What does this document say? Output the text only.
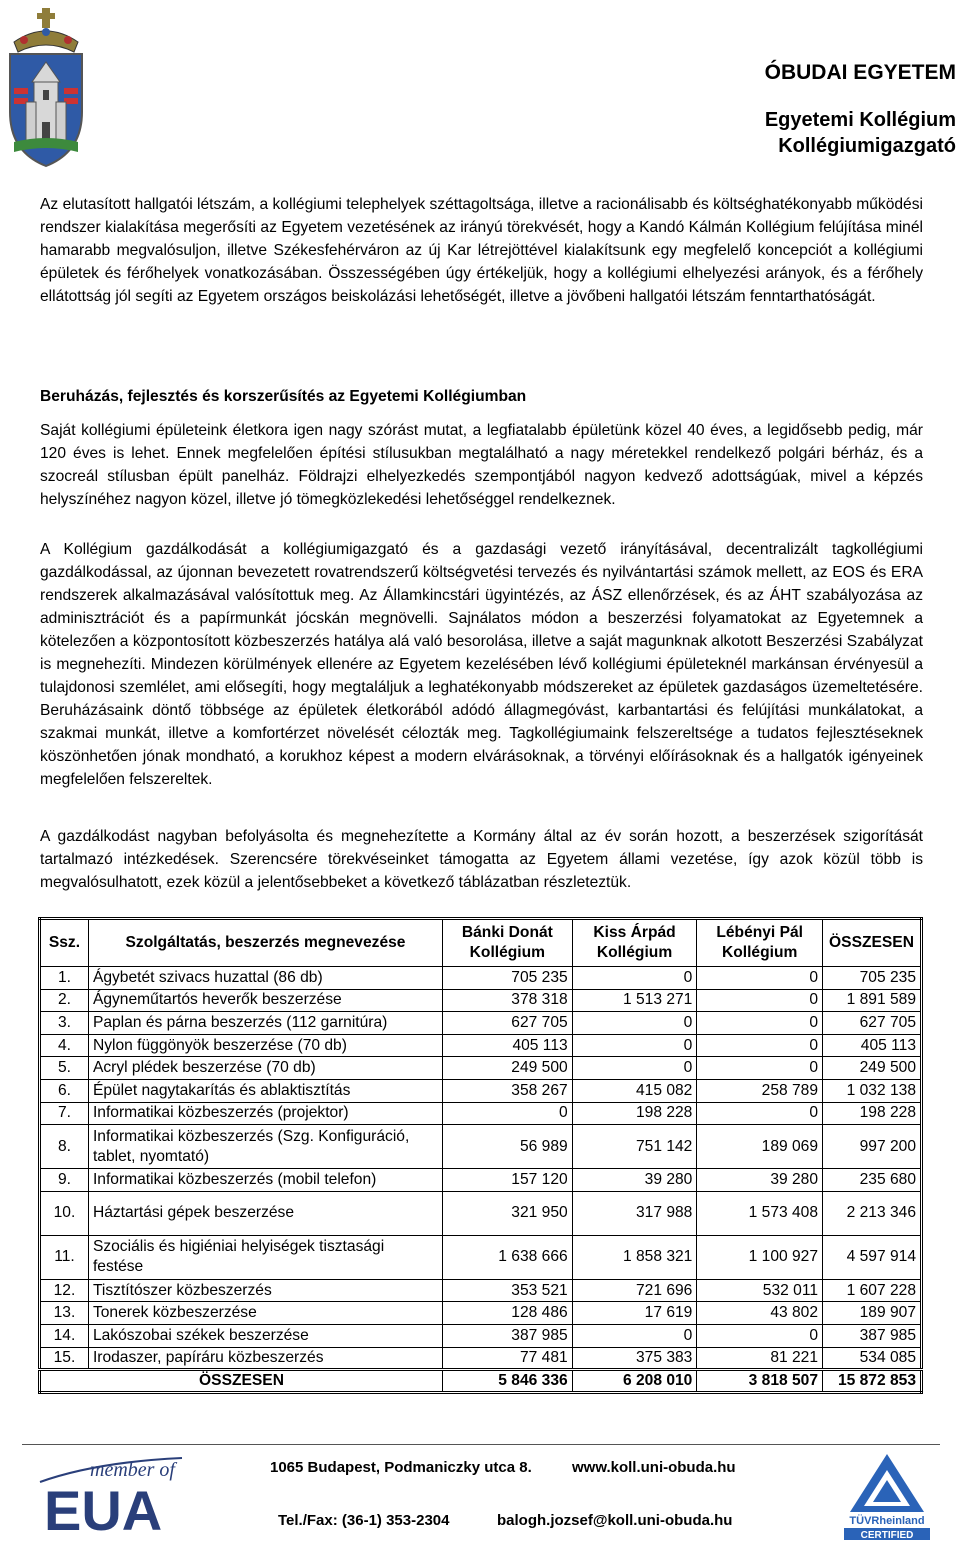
ÓBUDAI EGYETEM
Egyetemi Kollégium
Kollégiumigazgató

Az elutasított hallgatói létszám, a kollégiumi telephelyek széttagoltsága, illetve a racionálisabb és költséghatékonyabb működési rendszer kialakítása megerősíti az Egyetem vezetésének az irányú törekvését, hogy a Kandó Kálmán Kollégium felújítása minél hamarabb megvalósuljon, illetve Székesfehérváron az új Kar létrejöttével kialakítsunk egy megfelelő koncepciót a kollégiumi épületek és férőhelyek vonatkozásában. Összességében úgy értékeljük, hogy a kollégiumi elhelyezési arányok, és a férőhely ellátottság jól segíti az Egyetem országos beiskolázási lehetőségét, illetve a jövőbeni hallgatói létszám fenntarthatóságát.

Beruházás, fejlesztés és korszerűsítés az Egyetemi Kollégiumban

Saját kollégiumi épületeink életkora igen nagy szórást mutat, a legfiatalabb épületünk közel 40 éves, a legidősebb pedig, már 120 éves is lehet. Ennek megfelelően építési stílusukban megtalálható a nagy méretekkel rendelkező polgári bérház, és a szocreál stílusban épült panelház. Földrajzi elhelyezkedés szempontjából nagyon kedvező adottságúak, mivel a képzés helyszínéhez nagyon közel, illetve jó tömegközlekedési lehetőséggel rendelkeznek.

A Kollégium gazdálkodását a kollégiumigazgató és a gazdasági vezető irányításával, decentralizált tagkollégiumi gazdálkodással, az újonnan bevezetett rovatrendszerű költségvetési tervezés és nyilvántartási számok mellett, az EOS és ERA rendszerek alkalmazásával valósítottuk meg. Az Államkincstári ügyintézés, az ÁSZ ellenőrzések, és az ÁHT szabályozása az adminisztrációt és a papírmunkát jócskán megnövelli. Sajnálatos módon a beszerzési folyamatokat az Egyetemnek a kötelezően a központosított közbeszerzés hatálya alá való besorolása, illetve a saját magunknak alkotott Beszerzési Szabályzat is megnehezíti. Mindezen körülmények ellenére az Egyetem kezelésében lévő kollégiumi épületeknél markánsan érvényesül a tulajdonosi szemlélet, ami elősegíti, hogy megtaláljuk a leghatékonyabb módszereket az épületek gazdaságos üzemeltetésére. Beruházásaink döntő többsége az épületek életkorából adódó állagmegóvást, karbantartási és felújítási munkálatokat, a szakmai munkát, illetve a komfortérzet növelését célozták meg. Tagkollégiumaink felszereltsége a tudatos fejlesztéseknek köszönhetően jónak mondható, a korukhoz képest a modern elvárásoknak, a törvényi előírásoknak és a hallgatók igényeinek megfelelően felszereltek.

A gazdálkodást nagyban befolyásolta és megnehezítette a Kormány által az év során hozott, a beszerzések szigorítását tartalmazó intézkedések. Szerencsére törekvéseinket támogatta az Egyetem állami vezetése, így azok közül több is megvalósulhatott, ezek közül a jelentősebbeket a következő táblázatban részleteztük.

Ssz.	Szolgáltatás, beszerzés megnevezése	Bánki Donát Kollégium	Kiss Árpád Kollégium	Lébényi Pál Kollégium	ÖSSZESEN
1.	Ágybetét szivacs huzattal (86 db)	705 235	0	0	705 235
2.	Ágyneműtartós heverők beszerzése	378 318	1 513 271	0	1 891 589
3.	Paplan és párna beszerzés (112 garnitúra)	627 705	0	0	627 705
4.	Nylon függönyök beszerzése (70 db)	405 113	0	0	405 113
5.	Acryl plédek beszerzése (70 db)	249 500	0	0	249 500
6.	Épület nagytakarítás és ablaktisztítás	358 267	415 082	258 789	1 032 138
7.	Informatikai közbeszerzés (projektor)	0	198 228	0	198 228
8.	Informatikai közbeszerzés (Szg. Konfiguráció, tablet, nyomtató)	56 989	751 142	189 069	997 200
9.	Informatikai közbeszerzés (mobil telefon)	157 120	39 280	39 280	235 680
10.	Háztartási gépek beszerzése	321 950	317 988	1 573 408	2 213 346
11.	Szociális és higiéniai helyiségek tisztasági festése	1 638 666	1 858 321	1 100 927	4 597 914
12.	Tisztítószer közbeszerzés	353 521	721 696	532 011	1 607 228
13.	Tonerek közbeszerzése	128 486	17 619	43 802	189 907
14.	Lakószobai székek beszerzése	387 985	0	0	387 985
15.	Irodaszer, papíráru közbeszerzés	77 481	375 383	81 221	534 085
ÖSSZESEN		5 846 336	6 208 010	3 818 507	15 872 853
member of
EUA
1065 Budapest, Podmaniczky utca 8.	www.koll.uni-obuda.hu
Tel./Fax: (36-1) 353-2304	balogh.jozsef@koll.uni-obuda.hu	TÜVRheinland
CERTIFIED
